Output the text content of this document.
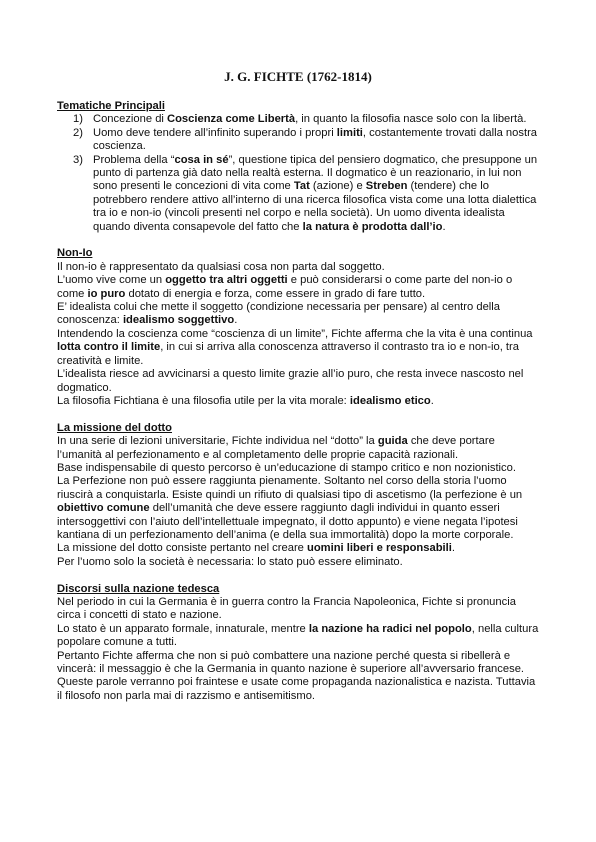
J. G. FICHTE (1762-1814)

Tematiche Principali

1) Concezione di Coscienza come Libertà, in quanto la filosofia nasce solo con la libertà.
2) Uomo deve tendere all’infinito superando i propri limiti, costantemente trovati dalla nostra coscienza.
3) Problema della “cosa in sé”, questione tipica del pensiero dogmatico, che presuppone un punto di partenza già dato nella realtà esterna. Il dogmatico è un reazionario, in lui non sono presenti le concezioni di vita come Tat (azione) e Streben (tendere) che lo potrebbero rendere attivo all’interno di una ricerca filosofica vista come una lotta dialettica tra io e non-io (vincoli presenti nel corpo e nella società). Un uomo diventa idealista quando diventa consapevole del fatto che la natura è prodotta dall’io.

Non-Io

Il non-io è rappresentato da qualsiasi cosa non parta dal soggetto.

L’uomo vive come un oggetto tra altri oggetti e può considerarsi o come parte del non-io o come io puro dotato di energia e forza, come essere in grado di fare tutto.

E’ idealista colui che mette il soggetto (condizione necessaria per pensare) al centro della conoscenza: idealismo soggettivo.

Intendendo la coscienza come “coscienza di un limite”, Fichte afferma che la vita è una continua lotta contro il limite, in cui si arriva alla conoscenza attraverso il contrasto tra io e non-io, tra creatività e limite.

L’idealista riesce ad avvicinarsi a questo limite grazie all’io puro, che resta invece nascosto nel dogmatico.

La filosofia Fichtiana è una filosofia utile per la vita morale: idealismo etico.

La missione del dotto

In una serie di lezioni universitarie, Fichte individua nel “dotto” la guida che deve portare l’umanità al perfezionamento e al completamento delle proprie capacità razionali.

Base indispensabile di questo percorso è un’educazione di stampo critico e non nozionistico.

La Perfezione non può essere raggiunta pienamente. Soltanto nel corso della storia l’uomo riuscirà a conquistarla. Esiste quindi un rifiuto di qualsiasi tipo di ascetismo (la perfezione è un obiettivo comune dell’umanità che deve essere raggiunto dagli individui in quanto esseri intersoggettivi con l’aiuto dell’intellettuale impegnato, il dotto appunto) e viene negata l’ipotesi kantiana di un perfezionamento dell’anima (e della sua immortalità) dopo la morte corporale.

La missione del dotto consiste pertanto nel creare uomini liberi e responsabili.

Per l’uomo solo la società è necessaria: lo stato può essere eliminato.

Discorsi sulla nazione tedesca

Nel periodo in cui la Germania è in guerra contro la Francia Napoleonica, Fichte si pronuncia circa i concetti di stato e nazione.

Lo stato è un apparato formale, innaturale, mentre la nazione ha radici nel popolo, nella cultura popolare comune a tutti.

Pertanto Fichte afferma che non si può combattere una nazione perché questa si ribellerà e vincerà: il messaggio è che la Germania in quanto nazione è superiore all’avversario francese. Queste parole verranno poi fraintese e usate come propaganda nazionalistica e nazista. Tuttavia il filosofo non parla mai di razzismo e antisemitismo.
